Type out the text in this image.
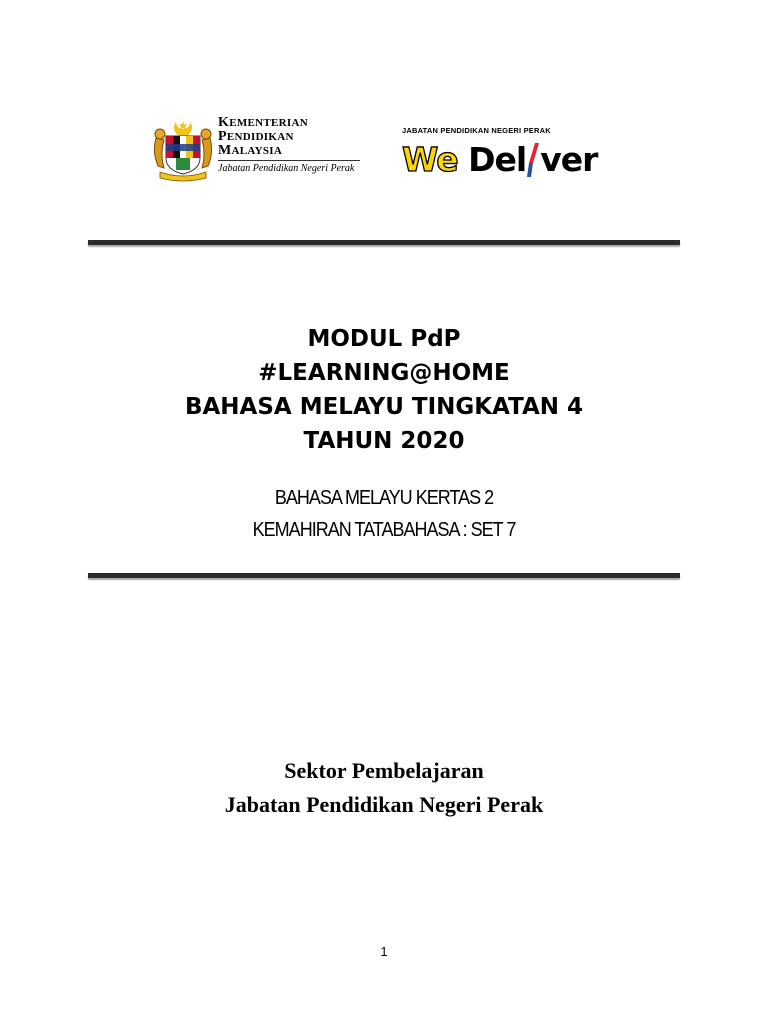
KEMENTERIAN
PENDIDIKAN
MALAYSIA
Jabatan Pendidikan Negeri Perak
JABATAN PENDIDIKAN NEGERI PERAK
We Del ver
MODUL PdP
#LEARNING@HOME
BAHASA MELAYU TINGKATAN 4
TAHUN 2020
BAHASA MELAYU KERTAS 2
KEMAHIRAN TATABAHASA : SET 7
Sektor Pembelajaran
Jabatan Pendidikan Negeri Perak
1
